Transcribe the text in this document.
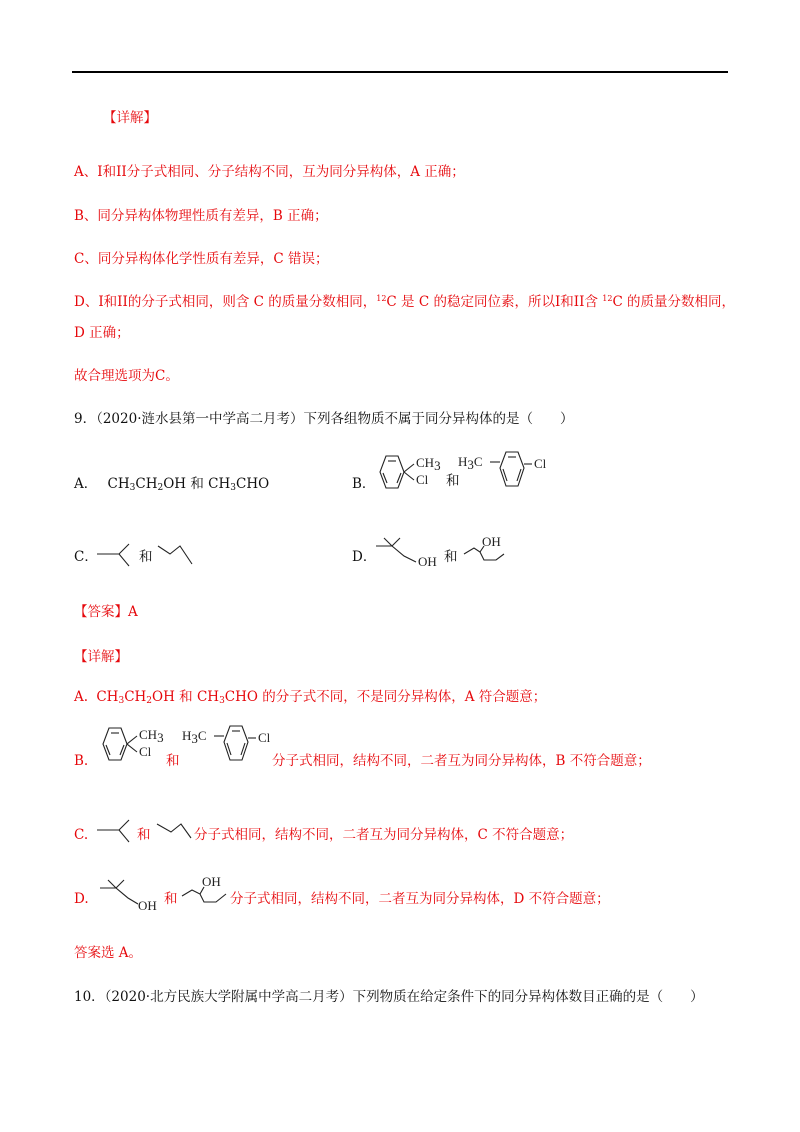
【详解】
A、I和II分子式相同、分子结构不同，互为同分异构体，A 正确；
B、同分异构体物理性质有差异，B 正确；
C、同分异构体化学性质有差异，C 错误；
D、I和II的分子式相同，则含 C 的质量分数相同，$^{12}$C 是 C 的稳定同位素，所以I和II含 $^{12}$C 的质量分数相同，
D 正确；
故合理选项为C。
9．（2020·涟水县第一中学高二月考）下列各组物质不属于同分异构体的是（　　）
A． $CH_3CH_2OH$ 和 $CH_3CHO$	B．
CH3
Cl 和
H3C	Cl
C．	和	D．	OH 和
OH
【答案】A
【详解】
A. $CH_3CH_2OH$ 和 $CH_3CHO$ 的分子式不同，不是同分异构体，A 符合题意；
B.
CH3
Cl
和
H3C	Cl
分子式相同，结构不同，二者互为同分异构体，B 不符合题意；
C.	和	分子式相同，结构不同，二者互为同分异构体，C 不符合题意；
D.	OH 和
OH
分子式相同，结构不同，二者互为同分异构体，D 不符合题意；
答案选 A。
10．（2020·北方民族大学附属中学高二月考）下列物质在给定条件下的同分异构体数目正确的是（　　）
